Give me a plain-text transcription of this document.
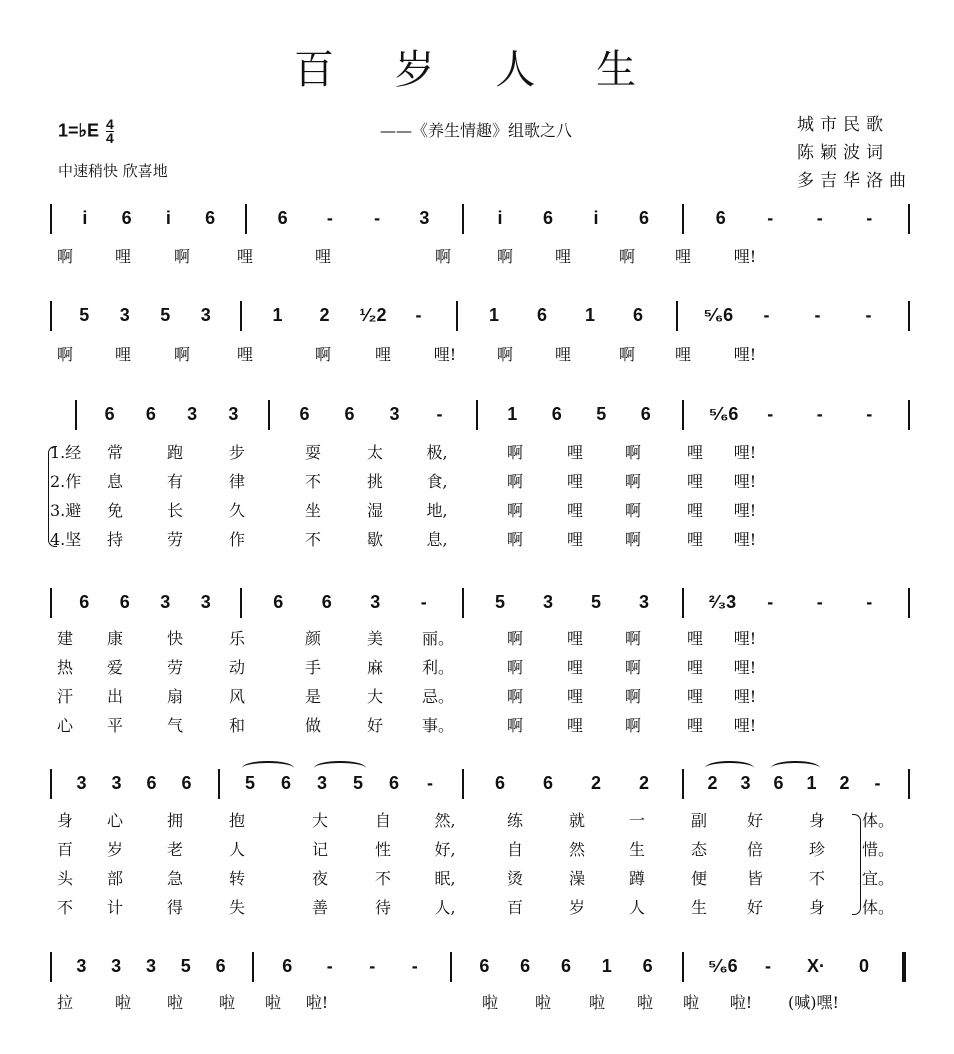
百 岁 人 生
1=♭E $\frac{4}{4}$	——《养生情趣》组歌之八	城市民歌
陈颖波词
多吉华洛曲
中速稍快 欣喜地
i	6	i	6	6	-	-	3	i	6	i	6	6	-	-	-
啊	哩	啊	哩	哩	啊	啊	哩	啊	哩	哩!
5	3	5	3	1	2	¹⁄₂2	-	1	6	1	6	⁵⁄₆6	-	-	-
啊	哩	啊	哩	啊	哩	哩!	啊	哩	啊	哩	哩!
6	6	3	3	6	6	3	-	1	6	5	6	⁵⁄₆6	-	-	-
1.经	常	跑	步	耍	太	极,	啊	哩	啊	哩	哩!
2.作	息	有	律	不	挑	食,	啊	哩	啊	哩	哩!
3.避	免	长	久	坐	湿	地,	啊	哩	啊	哩	哩!
4.坚	持	劳	作	不	歇	息,	啊	哩	啊	哩	哩!
6	6	3	3	6	6	3	-	5	3	5	3	²⁄₃3	-	-	-
建	康	快	乐	颜	美	丽。	啊	哩	啊	哩	哩!
热	爱	劳	动	手	麻	利。	啊	哩	啊	哩	哩!
汗	出	扇	风	是	大	忌。	啊	哩	啊	哩	哩!
心	平	气	和	做	好	事。	啊	哩	啊	哩	哩!
3	3	6	6	5	6	3	5	6	-	6	6	2	2	2	3	6	1	2	-
身	心	拥	抱	大	自	然,	练	就	一	副	好	身	体。
百	岁	老	人	记	性	好,	自	然	生	态	倍	珍	惜。
头	部	急	转	夜	不	眠,	烫	澡	蹲	便	皆	不	宜。
不	计	得	失	善	待	人,	百	岁	人	生	好	身	体。
3	3	3	5	6	6	-	-	-	6	6	6	1	6	⁵⁄₆6	-	X·	0
拉	啦	啦	啦	啦	啦!	啦	啦	啦	啦	啦	啦! (喊)嘿!
